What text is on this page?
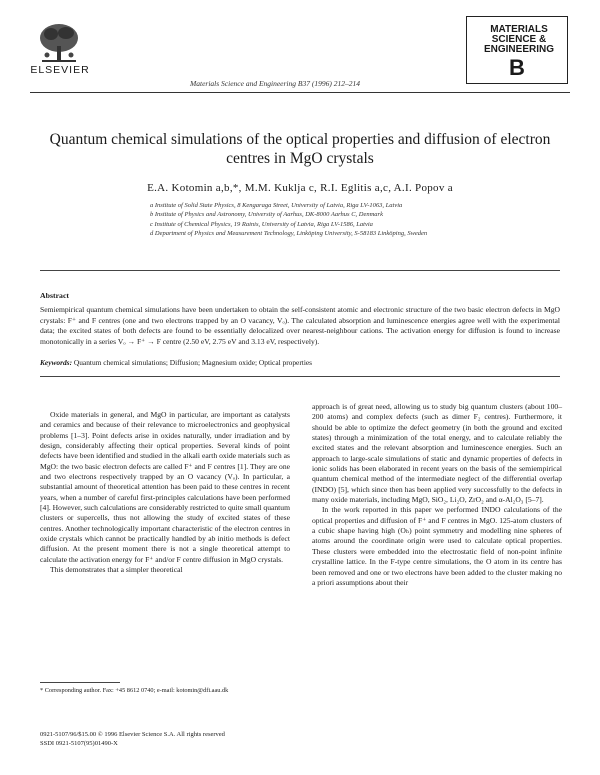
ELSEVIER
Materials Science and Engineering B37 (1996) 212–214
MATERIALS
SCIENCE &
ENGINEERING
B
Quantum chemical simulations of the optical properties and diffusion of electron centres in MgO crystals
E.A. Kotomin a,b,*, M.M. Kuklja c, R.I. Eglitis a,c, A.I. Popov a
a Institute of Solid State Physics, 8 Kengaraga Street, University of Latvia, Riga LV-1063, Latvia
b Institute of Physics and Astronomy, University of Aarhus, DK-8000 Aarhus C, Denmark
c Institute of Chemical Physics, 19 Rainis, University of Latvia, Riga LV-1586, Latvia
d Department of Physics and Measurement Technology, Linköping University, S-58183 Linköping, Sweden
Abstract
Semiempirical quantum chemical simulations have been undertaken to obtain the self-consistent atomic and electronic structure of the two basic electron defects in MgO crystals: F⁺ and F centres (one and two electrons trapped by an O vacancy, Vₒ). The calculated absorption and luminescence energies agree well with the experimental data; the excited states of both defects are found to be essentially delocalized over nearest-neighbour cations. The activation energy for diffusion is found to increase monotonically in a series Vₒ → F⁺ → F centre (2.50 eV, 2.75 eV and 3.13 eV, respectively).
Keywords: Quantum chemical simulations; Diffusion; Magnesium oxide; Optical properties

Oxide materials in general, and MgO in particular, are important as catalysts and ceramics and because of their relevance to microelectronics and geophysical problems [1–3]. Point defects arise in oxides naturally, under irradiation and by design, considerably affecting their optical properties. Several kinds of point defects have been identified and studied in the alkali earth oxide materials such as MgO: the two basic electron defects are called F⁺ and F centres [1]. They are one and two electrons respectively trapped by an O vacancy (Vₒ). In particular, a substantial amount of theoretical attention has been paid to these centres in recent years, when a number of careful first-principles calculations have been performed [4]. However, such calculations are considerably restricted to quite small quantum clusters or supercells, thus not allowing the study of excited states of these centres. Another technologically important characteristic of the electron centres in oxide crystals which cannot be practically handled by ab initio methods is defect diffusion. At the present moment there is not a single theoretical attempt to calculate the activation energy for F⁺ and/or F centre diffusion in MgO crystals.

This demonstrates that a simpler theoretical

approach is of great need, allowing us to study big quantum clusters (about 100–200 atoms) and complex defects (such as dimer F₂ centres). Furthermore, it should be able to optimize the defect geometry (in both the ground and excited states) through a minimization of the total energy, and to calculate reliably the excited states and the relevant absorption and luminescence energies. Such an approach to large-scale simulations of static and dynamic properties of defects in ionic solids has been elaborated in recent years on the basis of the semiempirical quantum chemical method of the intermediate neglect of the differential overlap (INDO) [5], which since then has been applied very successfully to the defects in many oxide materials, including MgO, SiO₂, Li₂O, ZrO₂ and α-Al₂O₃ [5–7].

In the work reported in this paper we performed INDO calculations of the optical properties and diffusion of F⁺ and F centres in MgO. 125-atom clusters of a cubic shape having high (Oₕ) point symmetry and modelling nine spheres of atoms around the coordinate origin were used to calculate optical properties. These clusters were embedded into the electrostatic field of non-point infinite crystalline lattice. In the F-type centre simulations, the O atom in its centre has been removed and one or two electrons have been added to the cluster making no a priori assumptions about their

* Corresponding author. Fax: +45 8612 0740; e-mail: kotomin@dfi.aau.dk
0921-5107/96/$15.00 © 1996 Elsevier Science S.A. All rights reserved
SSDI 0921-5107(95)01490-X
